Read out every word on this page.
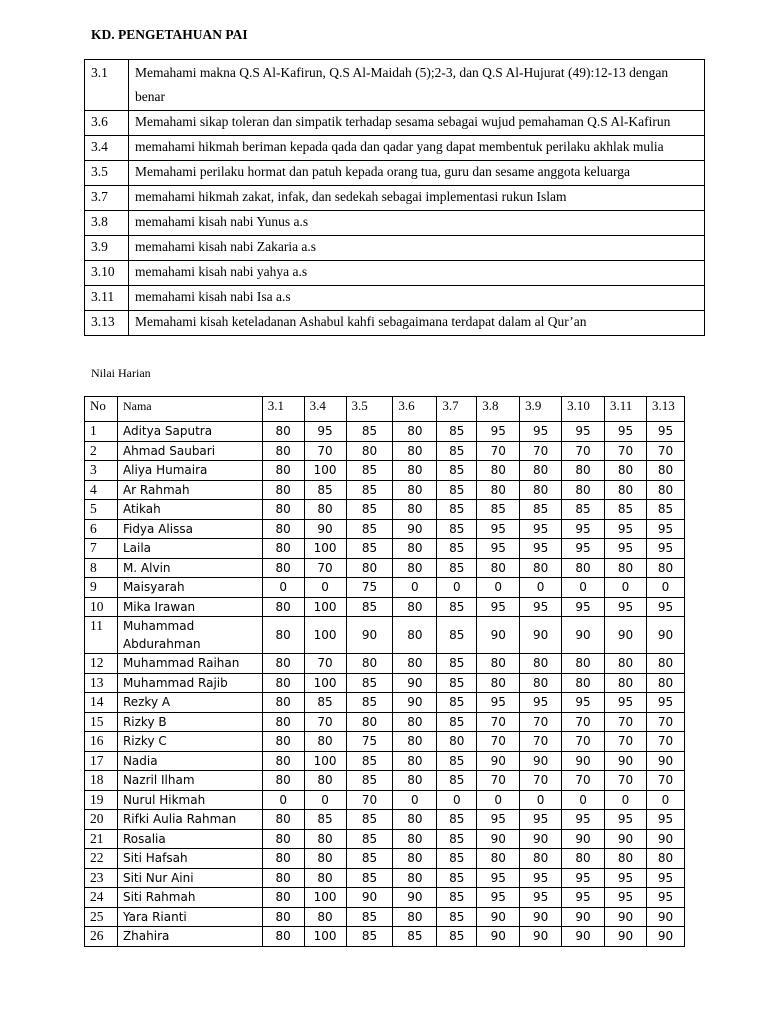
KD. PENGETAHUAN PAI
3.1	Memahami makna Q.S Al-Kafirun, Q.S Al-Maidah (5);2-3, dan Q.S Al-Hujurat (49):12-13 dengan benar
3.6	Memahami sikap toleran dan simpatik terhadap sesama sebagai wujud pemahaman Q.S Al-Kafirun
3.4	memahami hikmah beriman kepada qada dan qadar yang dapat membentuk perilaku akhlak mulia
3.5	Memahami perilaku hormat dan patuh kepada orang tua, guru dan sesame anggota keluarga
3.7	memahami hikmah zakat, infak, dan sedekah sebagai implementasi rukun Islam
3.8	memahami kisah nabi Yunus a.s
3.9	memahami kisah nabi Zakaria a.s
3.10	memahami kisah nabi yahya a.s
3.11	memahami kisah nabi Isa a.s
3.13	Memahami kisah keteladanan Ashabul kahfi sebagaimana terdapat dalam al Qur’an
Nilai Harian
No	Nama	3.1	3.4	3.5	3.6	3.7	3.8	3.9	3.10	3.11	3.13
1	Aditya Saputra	80	95	85	80	85	95	95	95	95	95
2	Ahmad Saubari	80	70	80	80	85	70	70	70	70	70
3	Aliya Humaira	80	100	85	80	85	80	80	80	80	80
4	Ar Rahmah	80	85	85	80	85	80	80	80	80	80
5	Atikah	80	80	85	80	85	85	85	85	85	85
6	Fidya Alissa	80	90	85	90	85	95	95	95	95	95
7	Laila	80	100	85	80	85	95	95	95	95	95
8	M. Alvin	80	70	80	80	85	80	80	80	80	80
9	Maisyarah	0	0	75	0	0	0	0	0	0	0
10	Mika Irawan	80	100	85	80	85	95	95	95	95	95
11	Muhammad Abdurahman	80	100	90	80	85	90	90	90	90	90
12	Muhammad Raihan	80	70	80	80	85	80	80	80	80	80
13	Muhammad Rajib	80	100	85	90	85	80	80	80	80	80
14	Rezky A	80	85	85	90	85	95	95	95	95	95
15	Rizky B	80	70	80	80	85	70	70	70	70	70
16	Rizky C	80	80	75	80	80	70	70	70	70	70
17	Nadia	80	100	85	80	85	90	90	90	90	90
18	Nazril Ilham	80	80	85	80	85	70	70	70	70	70
19	Nurul Hikmah	0	0	70	0	0	0	0	0	0	0
20	Rifki Aulia Rahman	80	85	85	80	85	95	95	95	95	95
21	Rosalia	80	80	85	80	85	90	90	90	90	90
22	Siti Hafsah	80	80	85	80	85	80	80	80	80	80
23	Siti Nur Aini	80	80	85	80	85	95	95	95	95	95
24	Siti Rahmah	80	100	90	90	85	95	95	95	95	95
25	Yara Rianti	80	80	85	80	85	90	90	90	90	90
26	Zhahira	80	100	85	85	85	90	90	90	90	90
